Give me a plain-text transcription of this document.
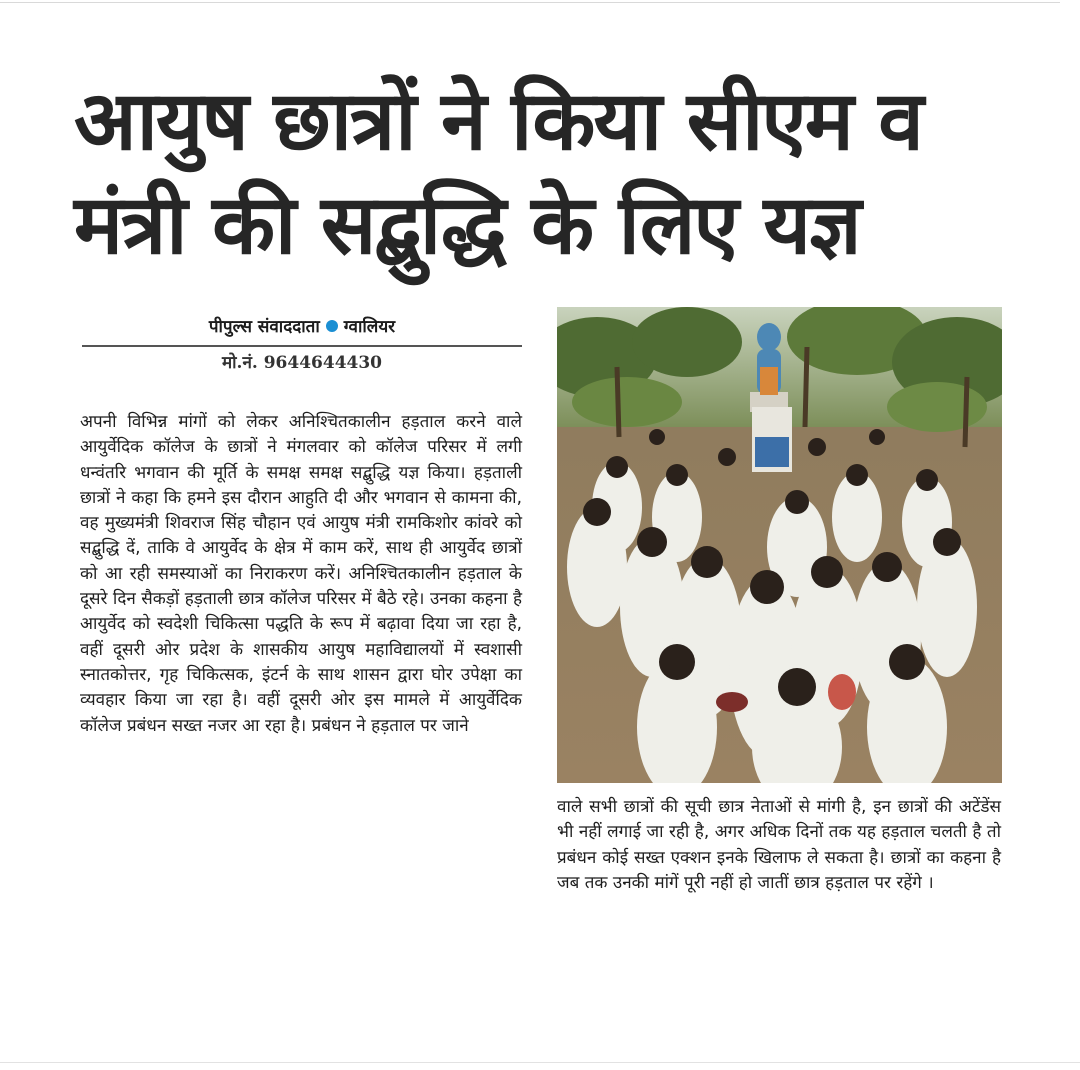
आयुष छात्रों ने किया सीएम व
मंत्री की सद्बुद्धि के लिए यज्ञ
पीपुल्स संवाददाता ग्वालियर
मो.नं. 9644644430

अपनी विभिन्न मांगों को लेकर अनिश्चितकालीन हड़ताल करने वाले आयुर्वेदिक कॉलेज के छात्रों ने मंगलवार को कॉलेज परिसर में लगी धन्वंतरि भगवान की मूर्ति के समक्ष समक्ष सद्बुद्धि यज्ञ किया। हड़ताली छात्रों ने कहा कि हमने इस दौरान आहुति दी और भगवान से कामना की, वह मुख्यमंत्री शिवराज सिंह चौहान एवं आयुष मंत्री रामकिशोर कांवरे को सद्बुद्धि दें, ताकि वे आयुर्वेद के क्षेत्र में काम करें, साथ ही आयुर्वेद छात्रों को आ रही समस्याओं का निराकरण करें। अनिश्चितकालीन हड़ताल के दूसरे दिन सैकड़ों हड़ताली छात्र कॉलेज परिसर में बैठे रहे। उनका कहना है आयुर्वेद को स्वदेशी चिकित्सा पद्धति के रूप में बढ़ावा दिया जा रहा है, वहीं दूसरी ओर प्रदेश के शासकीय आयुष महाविद्यालयों में स्वशासी स्नातकोत्तर, गृह चिकित्सक, इंटर्न के साथ शासन द्वारा घोर उपेक्षा का व्यवहार किया जा रहा है। वहीं दूसरी ओर इस मामले में आयुर्वेदिक कॉलेज प्रबंधन सख्त नजर आ रहा है। प्रबंधन ने हड़ताल पर जाने

वाले सभी छात्रों की सूची छात्र नेताओं से मांगी है, इन छात्रों की अटेंडेंस भी नहीं लगाई जा रही है, अगर अधिक दिनों तक यह हड़ताल चलती है तो प्रबंधन कोई सख्त एक्शन इनके खिलाफ ले सकता है। छात्रों का कहना है जब तक उनकी मांगें पूरी नहीं हो जातीं छात्र हड़ताल पर रहेंगे ।
